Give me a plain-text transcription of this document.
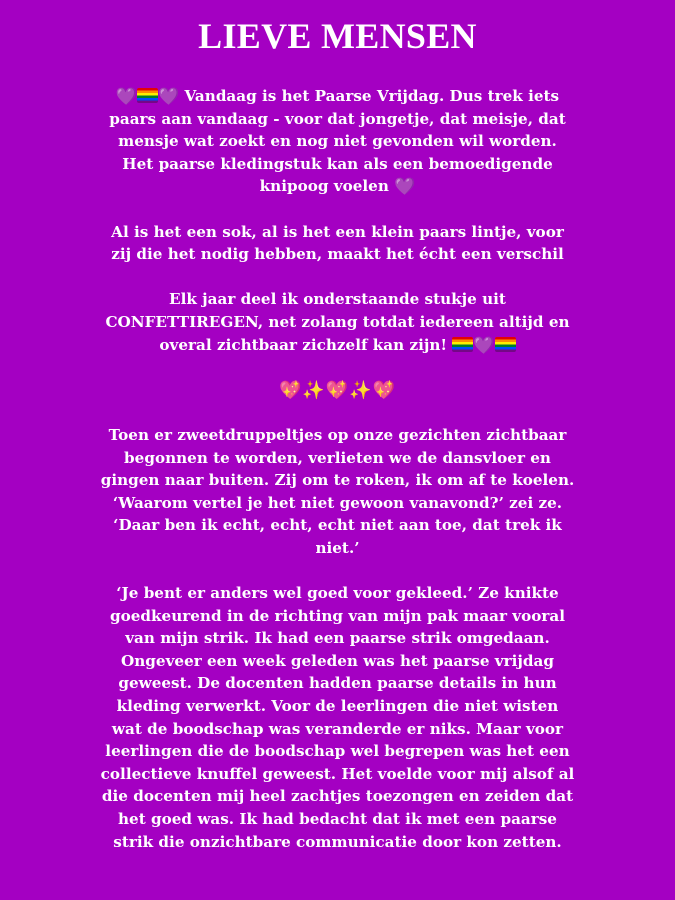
LIEVE MENSEN

💜 💜 Vandaag is het Paarse Vrijdag. Dus trek iets
paars aan vandaag - voor dat jongetje, dat meisje, dat
mensje wat zoekt en nog niet gevonden wil worden.
Het paarse kledingstuk kan als een bemoedigende
knipoog voelen 💜

Al is het een sok, al is het een klein paars lintje, voor
zij die het nodig hebben, maakt het écht een verschil

Elk jaar deel ik onderstaande stukje uit
CONFETTIREGEN, net zolang totdat iedereen altijd en
overal zichtbaar zichzelf kan zijn! 💜

💖✨💖✨💖

Toen er zweetdruppeltjes op onze gezichten zichtbaar
begonnen te worden, verlieten we de dansvloer en
gingen naar buiten. Zij om te roken, ik om af te koelen.
‘Waarom vertel je het niet gewoon vanavond?’ zei ze.
‘Daar ben ik echt, echt, echt niet aan toe, dat trek ik
niet.’

‘Je bent er anders wel goed voor gekleed.’ Ze knikte
goedkeurend in de richting van mijn pak maar vooral
van mijn strik. Ik had een paarse strik omgedaan.
Ongeveer een week geleden was het paarse vrijdag
geweest. De docenten hadden paarse details in hun
kleding verwerkt. Voor de leerlingen die niet wisten
wat de boodschap was veranderde er niks. Maar voor
leerlingen die de boodschap wel begrepen was het een
collectieve knuffel geweest. Het voelde voor mij alsof al
die docenten mij heel zachtjes toezongen en zeiden dat
het goed was. Ik had bedacht dat ik met een paarse
strik die onzichtbare communicatie door kon zetten.
